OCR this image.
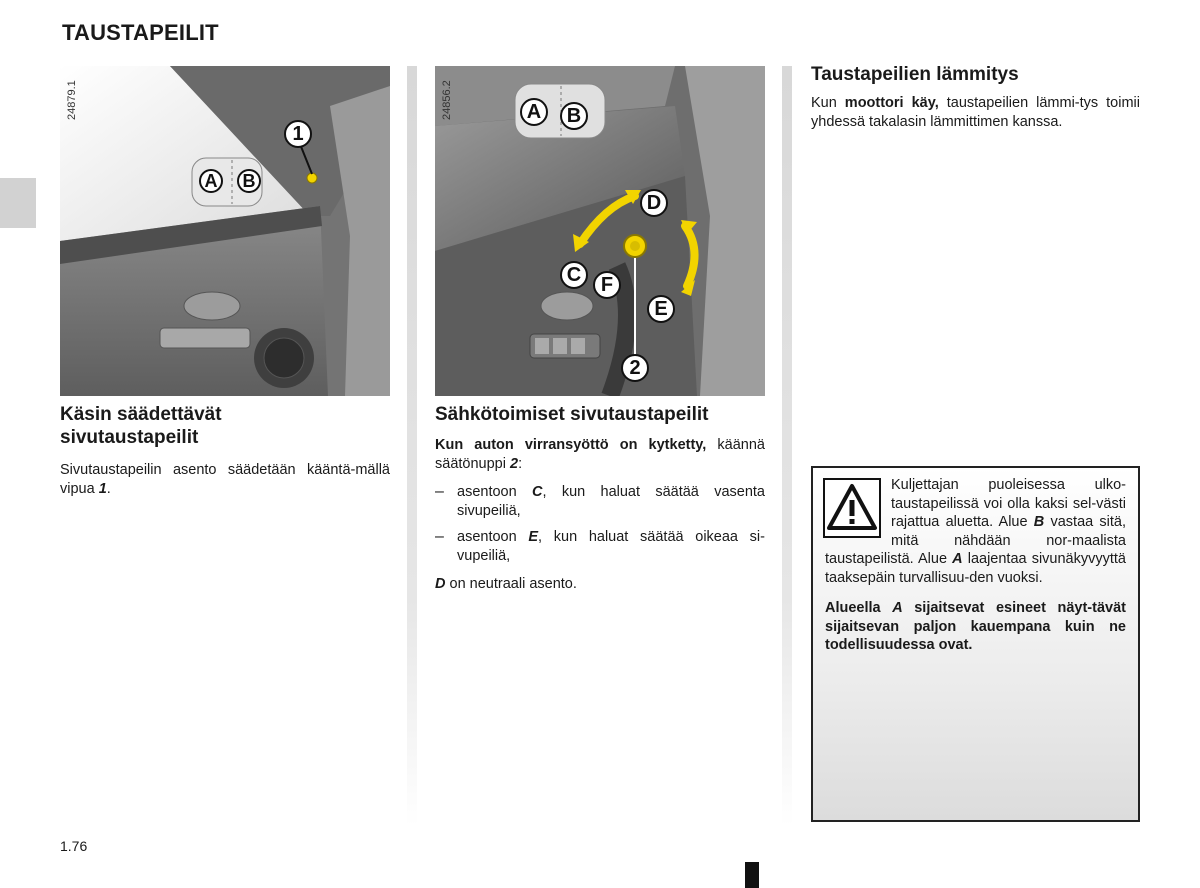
TAUSTAPEILIT
1
A	B
24879.1	A	B
D
C F
E
2
24856.2
Käsin säädettävät
sivutaustapeilit

Sivutaustapeilin asento säädetään kääntä-mällä vipua 1.

Sähkötoimiset sivutaustapeilit

Kun auton virransyöttö on kytketty, käännä säätönuppi 2:

– asentoon C, kun haluat säätää vasenta sivupeiliä,

– asentoon E, kun haluat säätää oikeaa si-vupeiliä,

D on neutraali asento.

Taustapeilien lämmitys

Kun moottori käy, taustapeilien lämmi-tys toimii yhdessä takalasin lämmittimen kanssa.

Kuljettajan puoleisessa ulko-taustapeilissä voi olla kaksi sel-västi rajattua aluetta. Alue B vastaa sitä, mitä nähdään nor-maalista taustapeilistä. Alue A laajentaa sivunäkyvyyttä taaksepäin turvallisuu-den vuoksi.

Alueella A sijaitsevat esineet näyt-tävät sijaitsevan paljon kauempana kuin ne todellisuudessa ovat.

1.76
